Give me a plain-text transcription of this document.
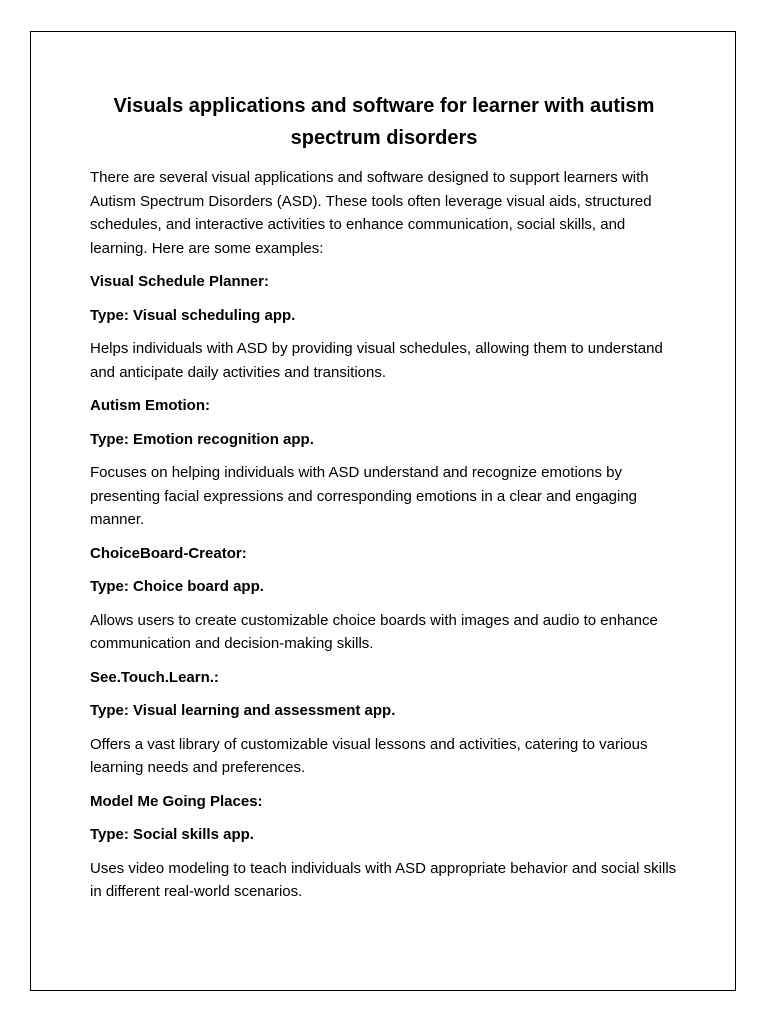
Visuals applications and software for learner with autism spectrum disorders

There are several visual applications and software designed to support learners with Autism Spectrum Disorders (ASD). These tools often leverage visual aids, structured schedules, and interactive activities to enhance communication, social skills, and learning. Here are some examples:

Visual Schedule Planner:

Type: Visual scheduling app.

Helps individuals with ASD by providing visual schedules, allowing them to understand and anticipate daily activities and transitions.

Autism Emotion:

Type: Emotion recognition app.

Focuses on helping individuals with ASD understand and recognize emotions by presenting facial expressions and corresponding emotions in a clear and engaging manner.

ChoiceBoard-Creator:

Type: Choice board app.

Allows users to create customizable choice boards with images and audio to enhance communication and decision-making skills.

See.Touch.Learn.:

Type: Visual learning and assessment app.

Offers a vast library of customizable visual lessons and activities, catering to various learning needs and preferences.

Model Me Going Places:

Type: Social skills app.

Uses video modeling to teach individuals with ASD appropriate behavior and social skills in different real-world scenarios.
